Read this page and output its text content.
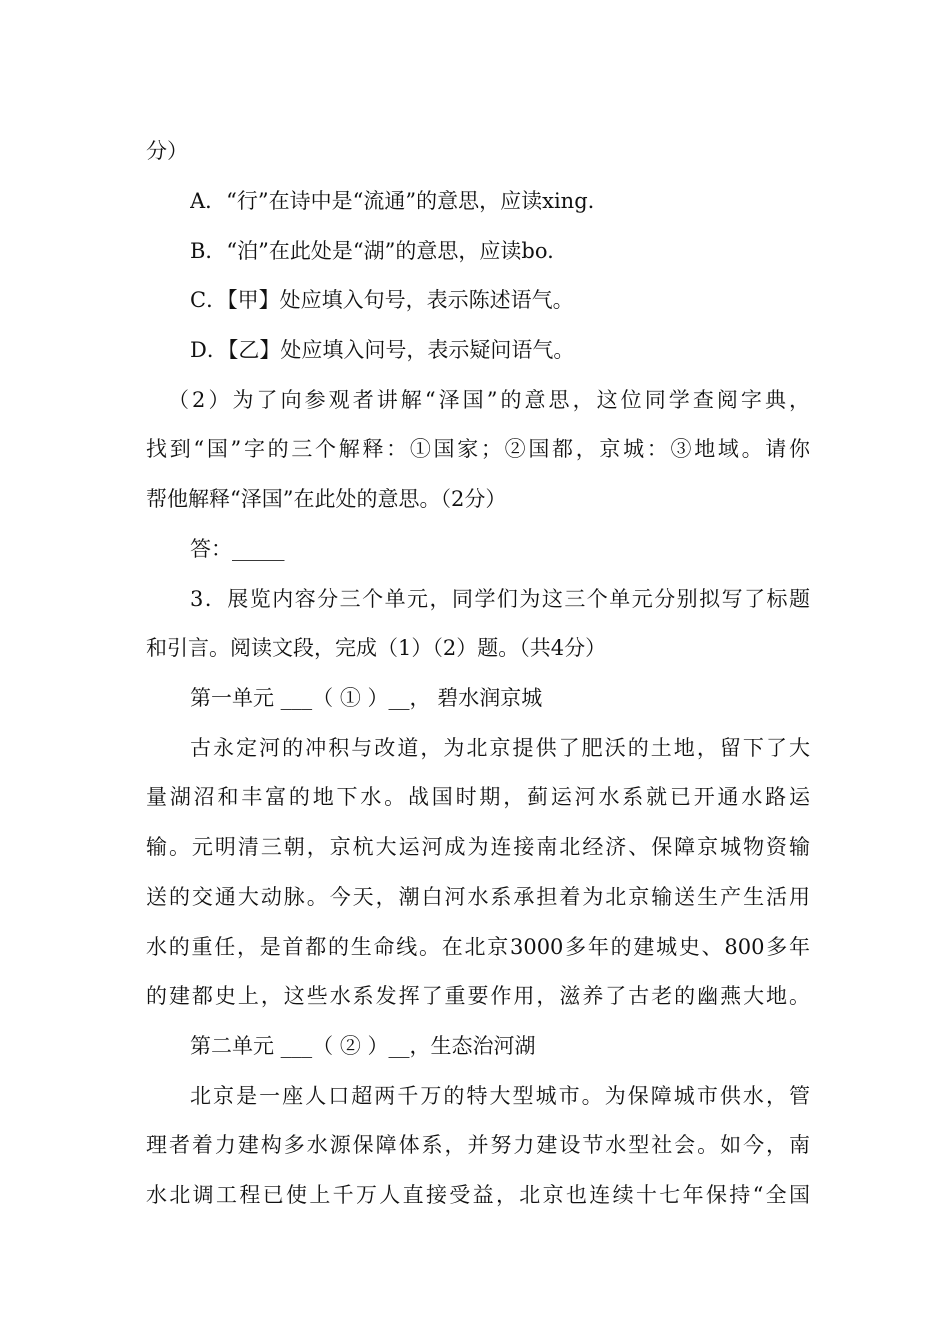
分）
A．“行”在诗中是“流通”的意思，应读xing.
B．“泊”在此处是“湖”的意思，应读bo.
C．【甲】处应填入句号，表示陈述语气。
D．【乙】处应填入问号，表示疑问语气。
（2）为了向参观者讲解“泽国”的意思，这位同学查阅字典，
找到“国”字的三个解释：①国家；②国都，京城：③地域。请你
帮他解释“泽国”在此处的意思。（2分）
答：_____
3．展览内容分三个单元，同学们为这三个单元分别拟写了标题
和引言。阅读文段，完成（1）（2）题。（共4分）
第一单元 ___（ ① ）__， 碧水润京城
古永定河的冲积与改道，为北京提供了肥沃的土地，留下了大
量湖沼和丰富的地下水。战国时期，蓟运河水系就已开通水路运
输。元明清三朝，京杭大运河成为连接南北经济、保障京城物资输
送的交通大动脉。今天，潮白河水系承担着为北京输送生产生活用
水的重任，是首都的生命线。在北京3000多年的建城史、800多年
的建都史上，这些水系发挥了重要作用，滋养了古老的幽燕大地。
第二单元 ___（ ② ）__，生态治河湖
北京是一座人口超两千万的特大型城市。为保障城市供水，管
理者着力建构多水源保障体系，并努力建设节水型社会。如今，南
水北调工程已使上千万人直接受益，北京也连续十七年保持“全国
